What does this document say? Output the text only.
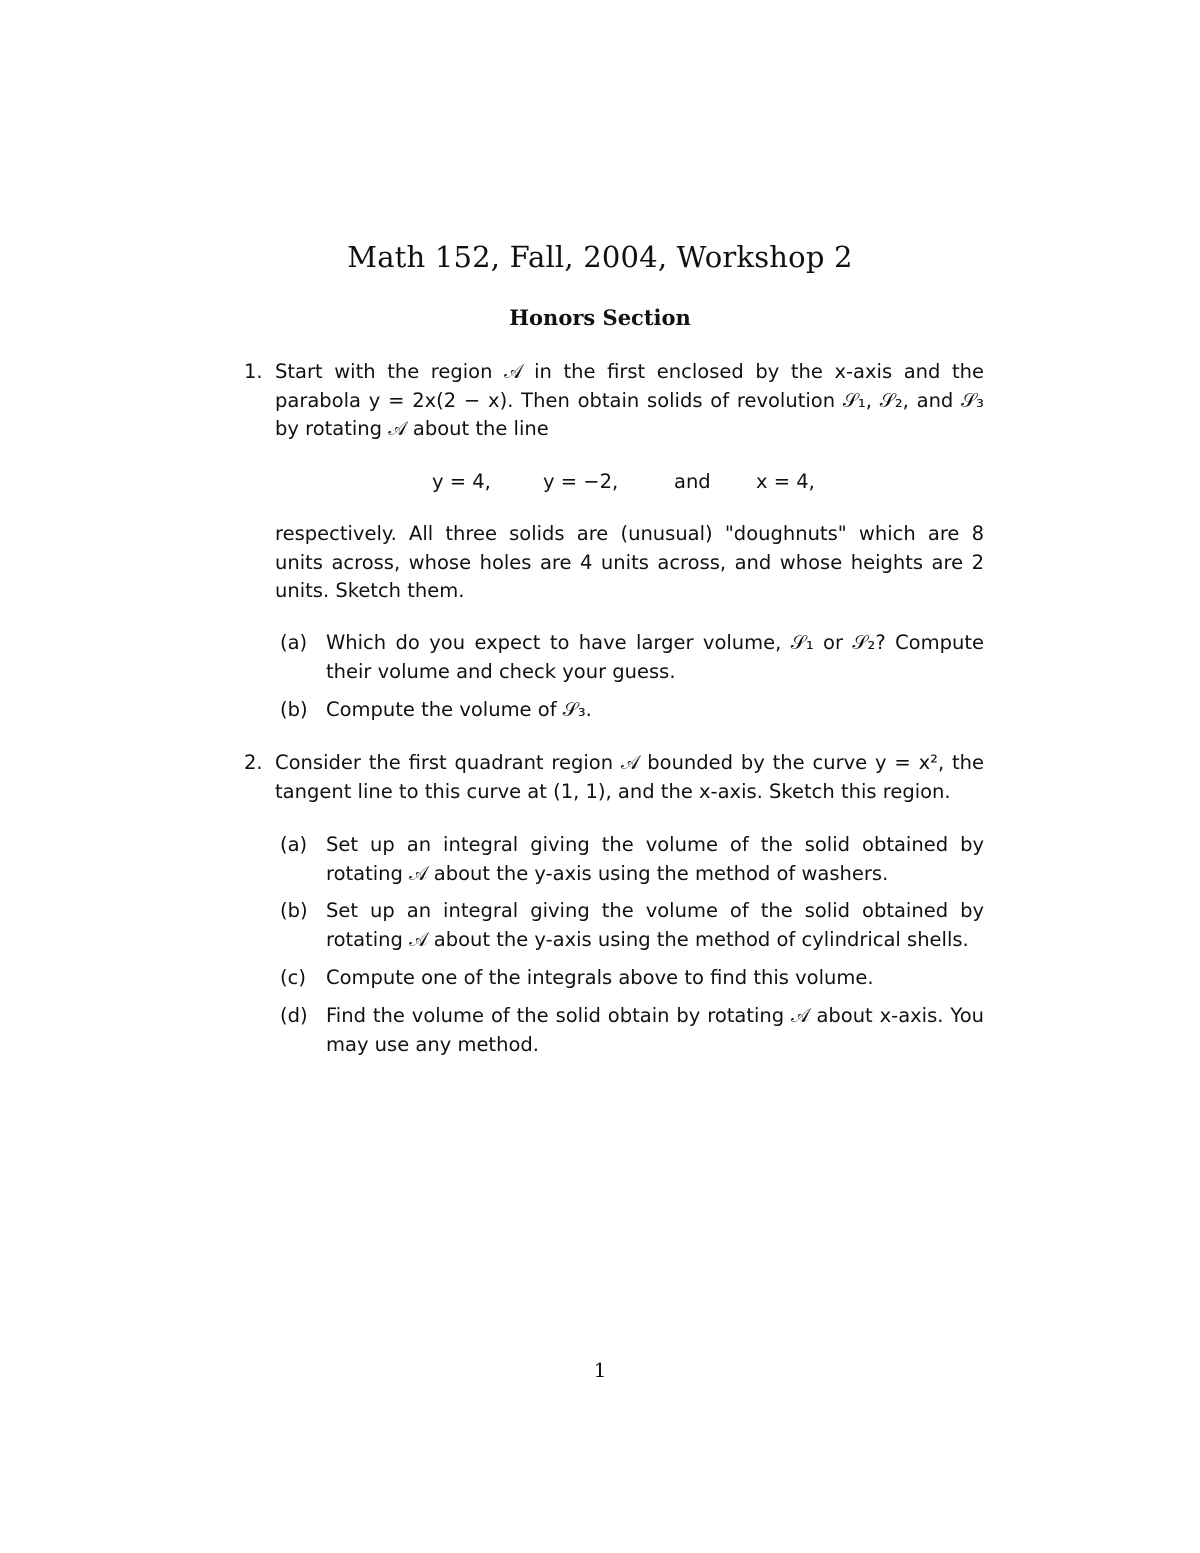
Math 152, Fall, 2004, Workshop 2
Honors Section
1. Start with the region 𝒜 in the first enclosed by the x-axis and the parabola y = 2x(2 − x). Then obtain solids of revolution 𝒮₁, 𝒮₂, and 𝒮₃ by rotating 𝒜 about the line
y = 4,	y = −2,	and x = 4,
respectively. All three solids are (unusual) "doughnuts" which are 8 units across, whose holes are 4 units across, and whose heights are 2 units. Sketch them.
(a) Which do you expect to have larger volume, 𝒮₁ or 𝒮₂? Compute their volume and check your guess.
(b) Compute the volume of 𝒮₃.
2. Consider the first quadrant region 𝒜 bounded by the curve y = x², the tangent line to this curve at (1, 1), and the x-axis. Sketch this region.
(a) Set up an integral giving the volume of the solid obtained by rotating 𝒜 about the y-axis using the method of washers.
(b) Set up an integral giving the volume of the solid obtained by rotating 𝒜 about the y-axis using the method of cylindrical shells.
(c) Compute one of the integrals above to find this volume.
(d) Find the volume of the solid obtain by rotating 𝒜 about x-axis. You may use any method.
1
